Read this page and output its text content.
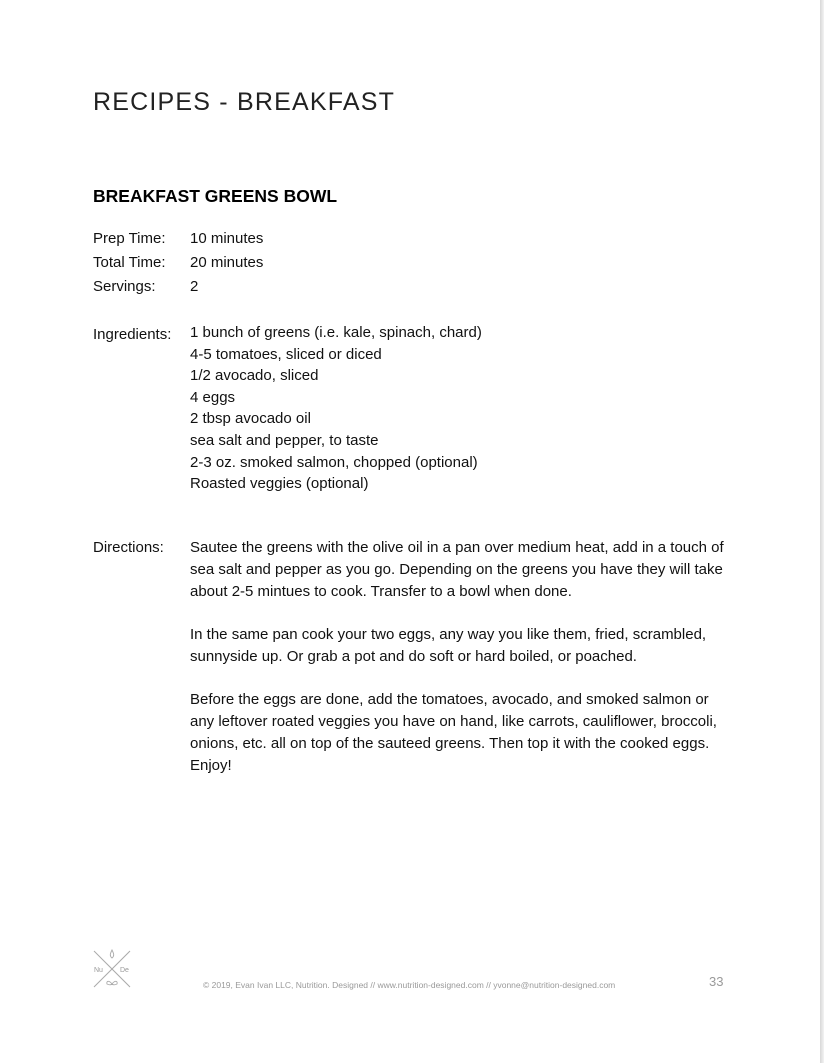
RECIPES - BREAKFAST
BREAKFAST GREENS BOWL
Prep Time: 10 minutes
Total Time: 20 minutes
Servings: 2
Ingredients: 1 bunch of greens (i.e. kale, spinach, chard)
4-5 tomatoes, sliced or diced
1/2 avocado, sliced
4 eggs
2 tbsp avocado oil
sea salt and pepper, to taste
2-3 oz. smoked salmon, chopped (optional)
Roasted veggies (optional)
Directions: Sautee the greens with the olive oil in a pan over medium heat, add in a touch of sea salt and pepper as you go. Depending on the greens you have they will take about 2-5 mintues to cook. Transfer to a bowl when done.

In the same pan cook your two eggs, any way you like them, fried, scrambled, sunnyside up. Or grab a pot and do soft or hard boiled, or poached.

Before the eggs are done, add the tomatoes, avocado, and smoked salmon or any leftover roated veggies you have on hand, like carrots, cauliflower, broccoli, onions, etc. all on top of the sauteed greens. Then top it with the cooked eggs. Enjoy!

Nu De
© 2019, Evan Ivan LLC, Nutrition. Designed // www.nutrition-designed.com // yvonne@nutrition-designed.com	33
